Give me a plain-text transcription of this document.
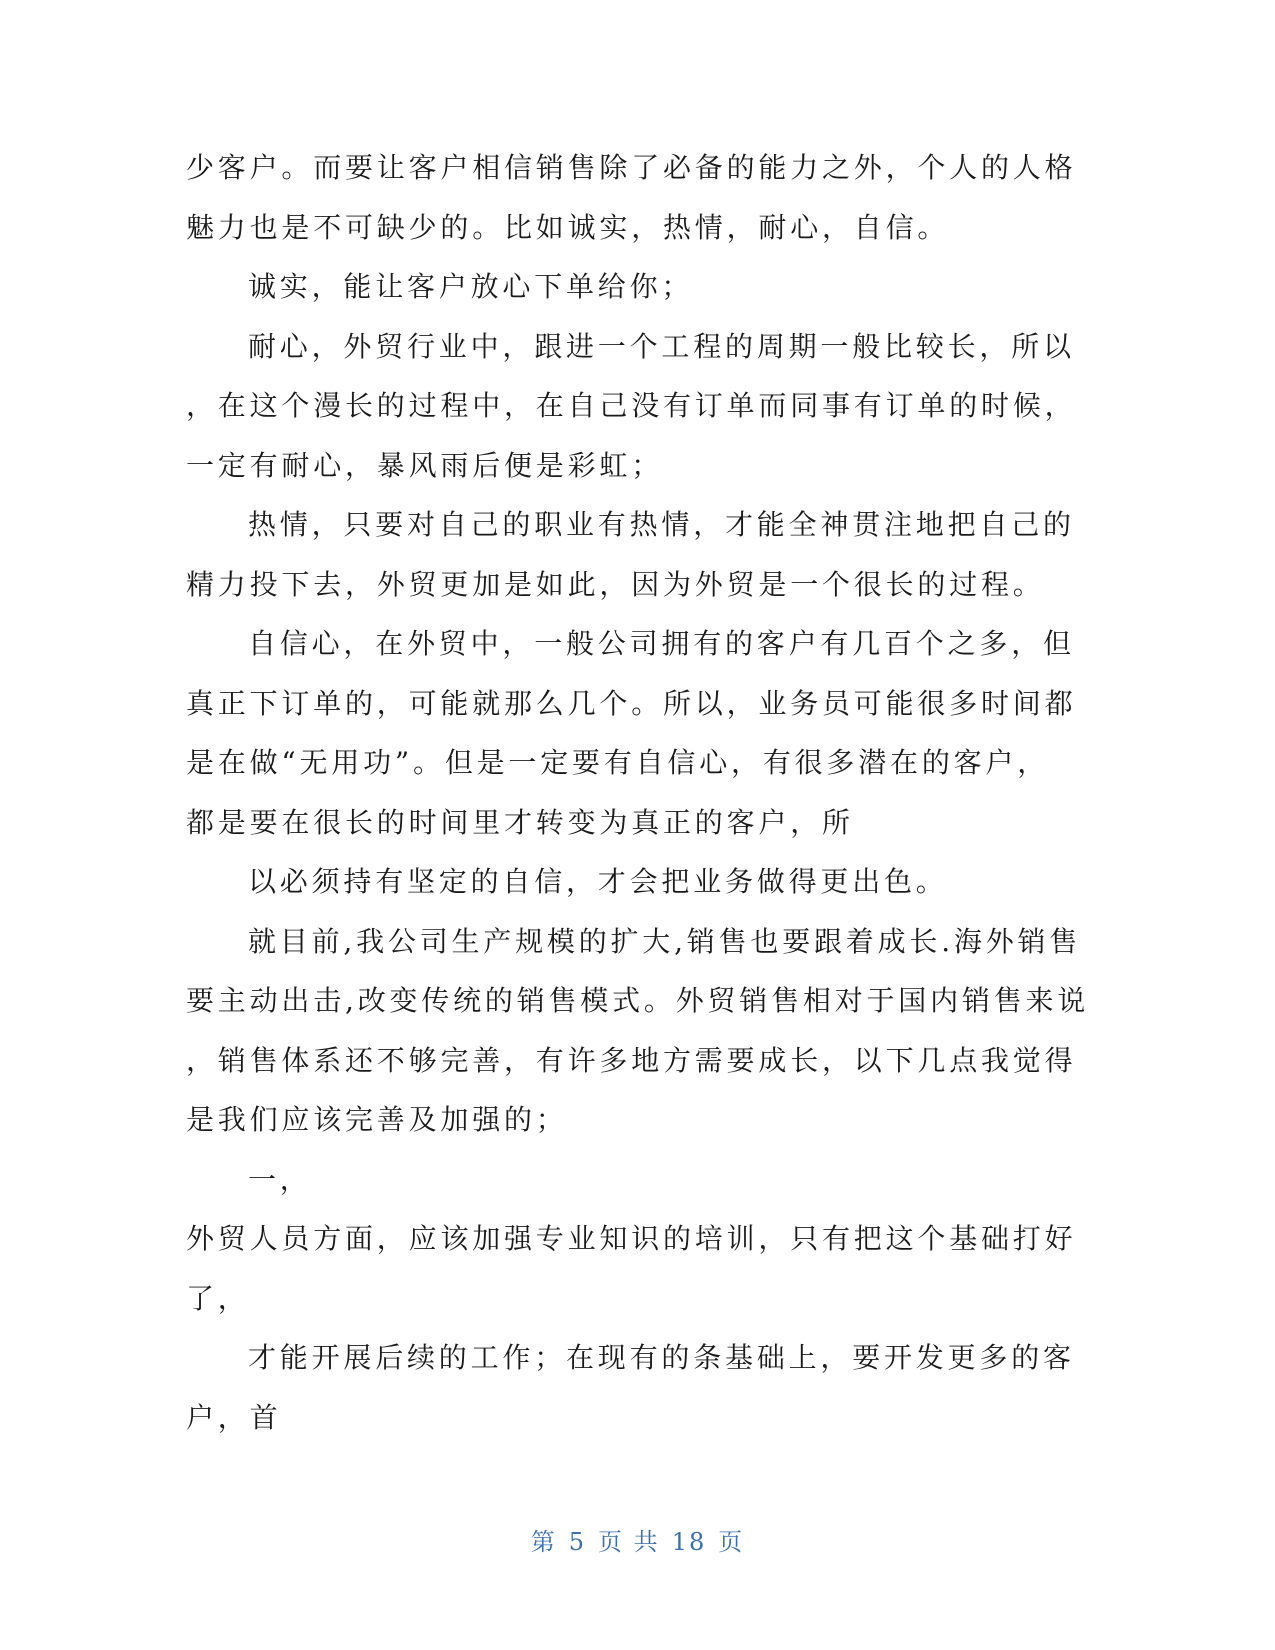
少客户。而要让客户相信销售除了必备的能力之外，个人的人格
魅力也是不可缺少的。比如诚实，热情，耐心，自信。
诚实，能让客户放心下单给你；
耐心，外贸行业中，跟进一个工程的周期一般比较长，所以
，在这个漫长的过程中，在自己没有订单而同事有订单的时候，
一定有耐心，暴风雨后便是彩虹；
热情，只要对自己的职业有热情，才能全神贯注地把自己的
精力投下去，外贸更加是如此，因为外贸是一个很长的过程。
自信心，在外贸中，一般公司拥有的客户有几百个之多，但
真正下订单的，可能就那么几个。所以，业务员可能很多时间都
是在做“无用功”。但是一定要有自信心，有很多潜在的客户，
都是要在很长的时间里才转变为真正的客户，所
以必须持有坚定的自信，才会把业务做得更出色。
就目前,我公司生产规模的扩大,销售也要跟着成长.海外销售
要主动出击,改变传统的销售模式。外贸销售相对于国内销售来说
，销售体系还不够完善，有许多地方需要成长，以下几点我觉得
是我们应该完善及加强的；
一，
外贸人员方面，应该加强专业知识的培训，只有把这个基础打好
了，
才能开展后续的工作；在现有的条基础上，要开发更多的客
户，首
第 5 页 共 18 页
